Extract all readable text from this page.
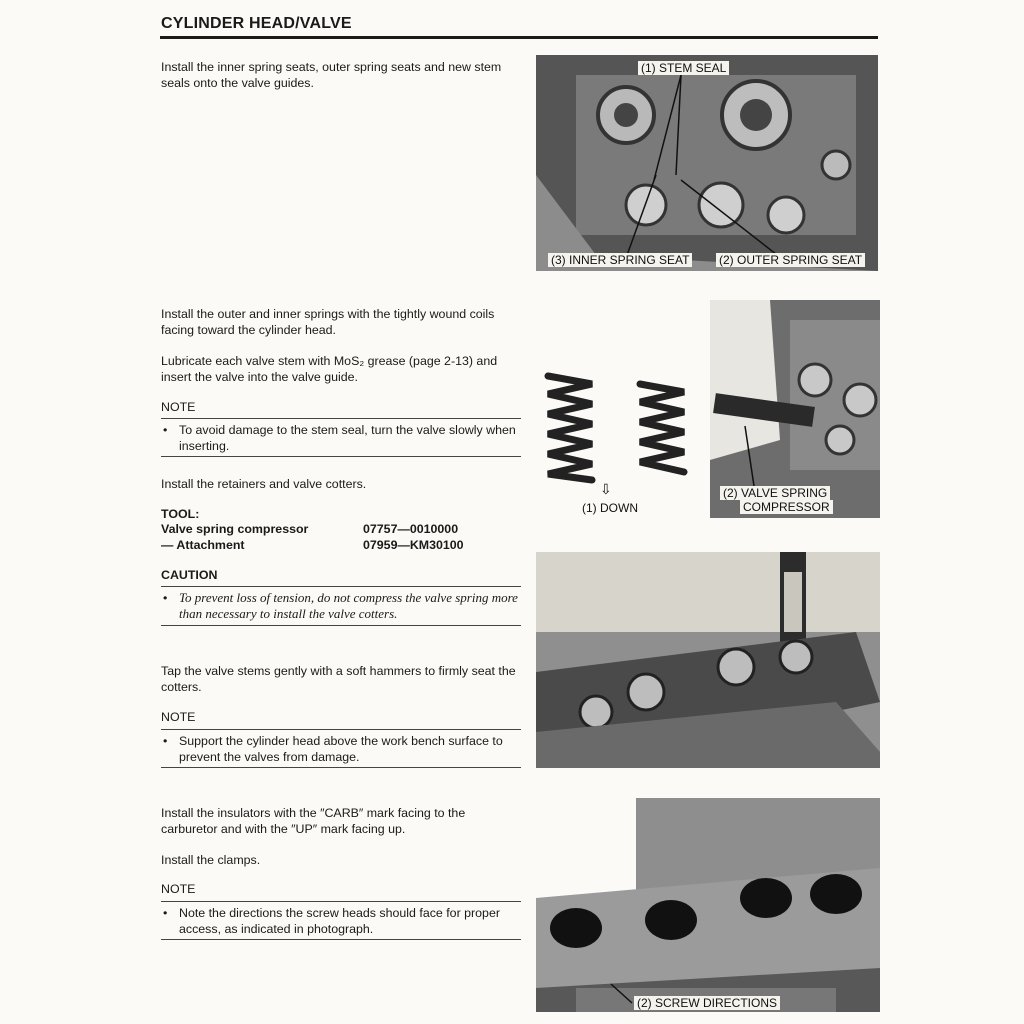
CYLINDER HEAD/VALVE
Install the inner spring seats, outer spring seats and new stem seals onto the valve guides.
Install the outer and inner springs with the tightly wound coils facing toward the cylinder head.
Lubricate each valve stem with MoS₂ grease (page 2-13) and insert the valve into the valve guide.
NOTE
• To avoid damage to the stem seal, turn the valve slowly when inserting.
Install the retainers and valve cotters.
TOOL:
Valve spring compressor	07757—0010000
— Attachment	07959—KM30100
CAUTION
• To prevent loss of tension, do not compress the valve spring more than necessary to install the valve cotters.
Tap the valve stems gently with a soft hammers to firmly seat the cotters.
NOTE
• Support the cylinder head above the work bench surface to prevent the valves from damage.
Install the insulators with the ″CARB″ mark facing to the carburetor and with the ″UP″ mark facing up.
Install the clamps.
NOTE
• Note the directions the screw heads should face for proper access, as indicated in photograph.
(1) STEM SEAL
(3) INNER SPRING SEAT (2) OUTER SPRING SEAT
⇩
(1) DOWN
(2) VALVE SPRING
COMPRESSOR
(2) SCREW DIRECTIONS
